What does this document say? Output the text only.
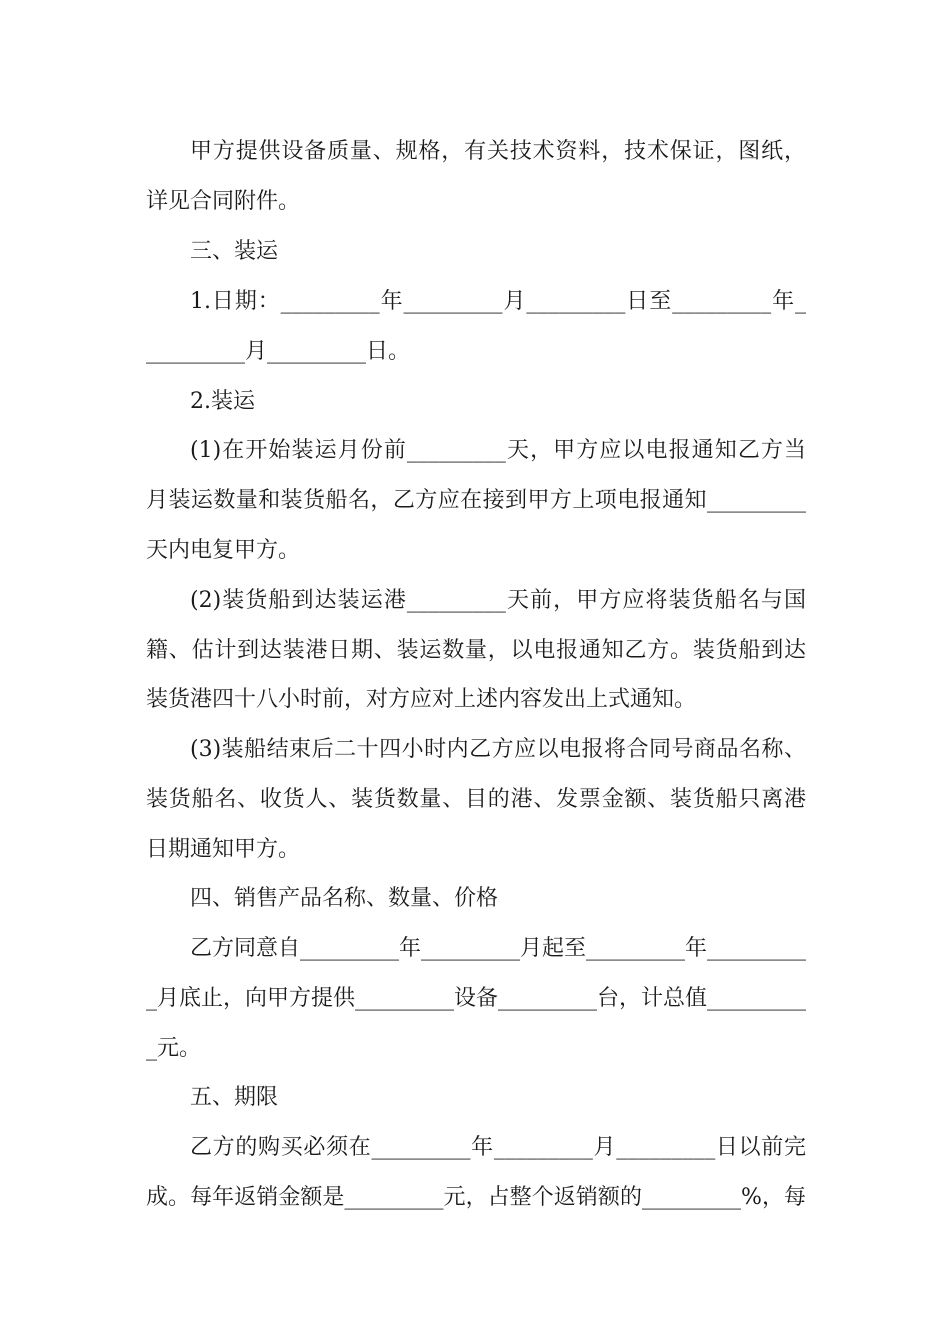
甲方提供设备质量、规格，有关技术资料，技术保证，图纸，

详见合同附件。

三、装运

1.日期：_________年_________月_________日至_________年_

_________月_________日。

2.装运

(1)在开始装运月份前_________天，甲方应以电报通知乙方当

月装运数量和装货船名，乙方应在接到甲方上项电报通知_________

天内电复甲方。

(2)装货船到达装运港_________天前，甲方应将装货船名与国

籍、估计到达装港日期、装运数量，以电报通知乙方。装货船到达

装货港四十八小时前，对方应对上述内容发出上式通知。

(3)装船结束后二十四小时内乙方应以电报将合同号商品名称、

装货船名、收货人、装货数量、目的港、发票金额、装货船只离港

日期通知甲方。

四、销售产品名称、数量、价格

乙方同意自_________年_________月起至_________年_________

_月底止，向甲方提供_________设备_________台，计总值_________

_元。

五、期限

乙方的购买必须在_________年_________月_________日以前完

成。每年返销金额是_________元，占整个返销额的_________%，每
